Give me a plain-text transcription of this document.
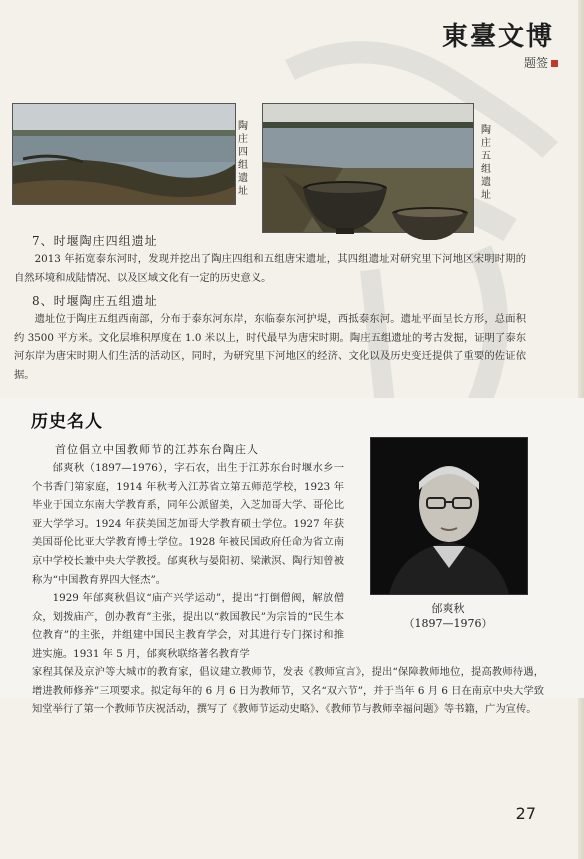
東臺文博
题签
陶庄四组遗址
陶庄五组遗址
7、时堰陶庄四组遗址

2013 年拓宽泰东河时，发现并挖出了陶庄四组和五组唐宋遗址，其四组遗址对研究里下河地区宋明时期的自然环境和成陆情况、以及区域文化有一定的历史意义。

8、时堰陶庄五组遗址

遗址位于陶庄五组西南部，分布于泰东河东岸，东临泰东河护堤，西抵泰东河。遗址平面呈长方形，总面积约 3500 平方米。文化层堆积厚度在 1.0 米以上，时代最早为唐宋时期。陶庄五组遗址的考古发掘，证明了泰东河东岸为唐宋时期人们生活的活动区，同时，为研究里下河地区的经济、文化以及历史变迁提供了重要的佐证依据。

历史名人
首位倡立中国教师节的江苏东台陶庄人

邰爽秋（1897—1976），字石农，出生于江苏东台时堰水乡一个书香门第家庭，1914 年秋考入江苏省立第五师范学校，1923 年毕业于国立东南大学教育系，同年公派留美，入芝加哥大学、哥伦比亚大学学习。1924 年获美国芝加哥大学教育硕士学位。1927 年获美国哥伦比亚大学教育博士学位。1928 年被民国政府任命为省立南京中学校长兼中央大学教授。邰爽秋与晏阳初、梁漱溟、陶行知曾被称为“中国教育界四大怪杰”。

1929 年邰爽秋倡议“庙产兴学运动”，提出“打倒僧阀，解放僧众，划拨庙产，创办教育”主张，提出以“救国教民”为宗旨的“民生本位教育”的主张，并组建中国民主教育学会，对其进行专门探讨和推进实施。1931 年 5 月，邰爽秋联络著名教育学

家程其保及京沪等大城市的教育家，倡议建立教师节，发表《教师宣言》，提出“保障教师地位，提高教师待遇，增进教师修养”三项要求。拟定每年的 6 月 6 日为教师节，又名“双六节”，并于当年 6 月 6 日在南京中央大学致知堂举行了第一个教师节庆祝活动，撰写了《教师节运动史略》、《教师节与教师幸福问题》等书籍，广为宣传。

邰爽秋
（1897—1976）
27
